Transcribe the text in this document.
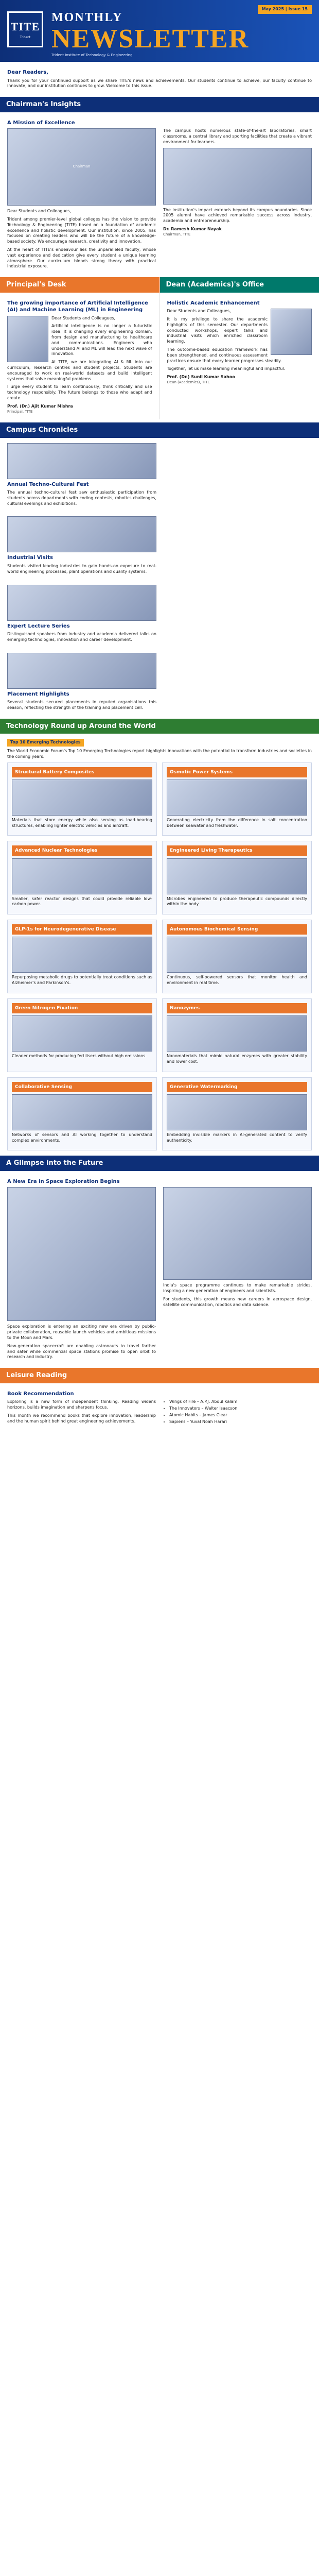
TITE
Trident
MONTHLY
NEWSLETTER
May 2025 | Issue 15
Trident Institute of Technology & Engineering
Dear Readers,

Thank you for your continued support as we share TITE's news and achievements. Our students continue to achieve, our faculty continue to innovate, and our institution continues to grow. Welcome to this issue.

Chairman's Insights
A Mission of Excellence
Chairman

Dear Students and Colleagues,

Trident among premier-level global colleges has the vision to provide Technology & Engineering (TITE) based on a foundation of academic excellence and holistic development. Our institution, since 2005, has focused on creating leaders who will be the future of a knowledge-based society. We encourage research, creativity and innovation.

At the heart of TITE's endeavour lies the unparalleled faculty, whose vast experience and dedication give every student a unique learning atmosphere. Our curriculum blends strong theory with practical industrial exposure.

The campus hosts numerous state-of-the-art laboratories, smart classrooms, a central library and sporting facilities that create a vibrant environment for learners.

The institution's impact extends beyond its campus boundaries. Since 2005 alumni have achieved remarkable success across industry, academia and entrepreneurship.

Dr. Ramesh Kumar Nayak
Chairman, TITE
Principal's Desk
The growing importance of Artificial Intelligence (AI) and Machine Learning (ML) in Engineering

Dear Students and Colleagues,

Artificial intelligence is no longer a futuristic idea. It is changing every engineering domain, from design and manufacturing to healthcare and communications. Engineers who understand AI and ML will lead the next wave of innovation.

At TITE, we are integrating AI & ML into our curriculum, research centres and student projects. Students are encouraged to work on real-world datasets and build intelligent systems that solve meaningful problems.

I urge every student to learn continuously, think critically and use technology responsibly. The future belongs to those who adapt and create.

Prof. (Dr.) Ajit Kumar Mishra
Principal, TITE
Dean (Academics)'s Office
Holistic Academic Enhancement

Dear Students and Colleagues,

It is my privilege to share the academic highlights of this semester. Our departments conducted workshops, expert talks and industrial visits which enriched classroom learning.

The outcome-based education framework has been strengthened, and continuous assessment practices ensure that every learner progresses steadily.

Together, let us make learning meaningful and impactful.

Prof. (Dr.) Sunil Kumar Sahoo
Dean (Academics), TITE
Campus Chronicles
Annual Techno-Cultural Fest

The annual techno-cultural fest saw enthusiastic participation from students across departments with coding contests, robotics challenges, cultural evenings and exhibitions.

Industrial Visits

Students visited leading industries to gain hands-on exposure to real-world engineering processes, plant operations and quality systems.

Expert Lecture Series

Distinguished speakers from industry and academia delivered talks on emerging technologies, innovation and career development.

Placement Highlights

Several students secured placements in reputed organisations this season, reflecting the strength of the training and placement cell.

Technology Round up Around the World
Top 10 Emerging Technologies

The World Economic Forum's Top 10 Emerging Technologies report highlights innovations with the potential to transform industries and societies in the coming years.

Structural Battery Composites

Materials that store energy while also serving as load-bearing structures, enabling lighter electric vehicles and aircraft.

Osmotic Power Systems

Generating electricity from the difference in salt concentration between seawater and freshwater.

Advanced Nuclear Technologies

Smaller, safer reactor designs that could provide reliable low-carbon power.

Engineered Living Therapeutics

Microbes engineered to produce therapeutic compounds directly within the body.

GLP-1s for Neurodegenerative Disease

Repurposing metabolic drugs to potentially treat conditions such as Alzheimer's and Parkinson's.

Autonomous Biochemical Sensing

Continuous, self-powered sensors that monitor health and environment in real time.

Green Nitrogen Fixation

Cleaner methods for producing fertilisers without high emissions.

Nanozymes

Nanomaterials that mimic natural enzymes with greater stability and lower cost.

Collaborative Sensing

Networks of sensors and AI working together to understand complex environments.

Generative Watermarking

Embedding invisible markers in AI-generated content to verify authenticity.

A Glimpse into the Future
A New Era in Space Exploration Begins

Space exploration is entering an exciting new era driven by public-private collaboration, reusable launch vehicles and ambitious missions to the Moon and Mars.

New-generation spacecraft are enabling astronauts to travel farther and safer while commercial space stations promise to open orbit to research and industry.

India's space programme continues to make remarkable strides, inspiring a new generation of engineers and scientists.

For students, this growth means new careers in aerospace design, satellite communication, robotics and data science.

Leisure Reading
Book Recommendation

Exploring is a new form of independent thinking. Reading widens horizons, builds imagination and sharpens focus.

This month we recommend books that explore innovation, leadership and the human spirit behind great engineering achievements.

• Wings of Fire – A.P.J. Abdul Kalam
• The Innovators – Walter Isaacson
• Atomic Habits – James Clear
• Sapiens – Yuval Noah Harari
